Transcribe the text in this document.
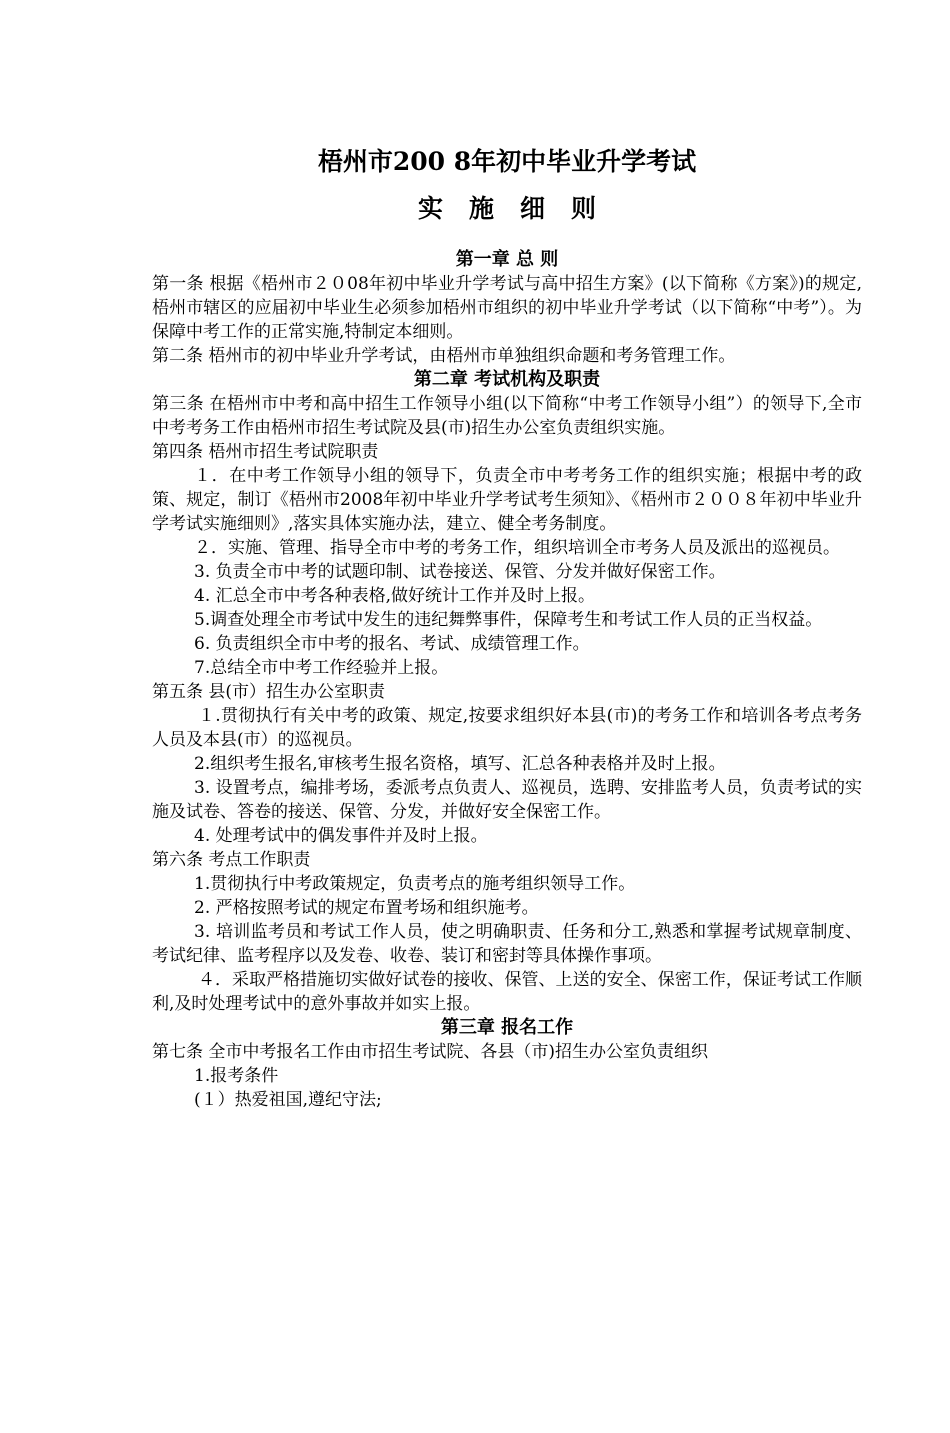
梧州市200 8年初中毕业升学考试
实施细则
第一章 总 则

第一条 根据《梧州市２０08年初中毕业升学考试与高中招生方案》(以下简称《方案》)的规定,梧州市辖区的应届初中毕业生必须参加梧州市组织的初中毕业升学考试（以下简称“中考”）。为保障中考工作的正常实施,特制定本细则。

第二条 梧州市的初中毕业升学考试，由梧州市单独组织命题和考务管理工作。

第二章 考试机构及职责

第三条 在梧州市中考和高中招生工作领导小组(以下简称“中考工作领导小组”）的领导下,全市中考考务工作由梧州市招生考试院及县(市)招生办公室负责组织实施。

第四条 梧州市招生考试院职责

１．在中考工作领导小组的领导下，负责全市中考考务工作的组织实施；根据中考的政策、规定，制订《梧州市2008年初中毕业升学考试考生须知》、《梧州市２００８年初中毕业升学考试实施细则》,落实具体实施办法，建立、健全考务制度。

２．实施、管理、指导全市中考的考务工作，组织培训全市考务人员及派出的巡视员。

3. 负责全市中考的试题印制、试卷接送、保管、分发并做好保密工作。

4. 汇总全市中考各种表格,做好统计工作并及时上报。

5.调查处理全市考试中发生的违纪舞弊事件，保障考生和考试工作人员的正当权益。

6. 负责组织全市中考的报名、考试、成绩管理工作。

7.总结全市中考工作经验并上报。

第五条 县(市）招生办公室职责

１.贯彻执行有关中考的政策、规定,按要求组织好本县(市)的考务工作和培训各考点考务人员及本县(市）的巡视员。

2.组织考生报名,审核考生报名资格，填写、汇总各种表格并及时上报。

3. 设置考点，编排考场，委派考点负责人、巡视员，选聘、安排监考人员，负责考试的实施及试卷、答卷的接送、保管、分发，并做好安全保密工作。

4. 处理考试中的偶发事件并及时上报。

第六条 考点工作职责

1.贯彻执行中考政策规定，负责考点的施考组织领导工作。

2. 严格按照考试的规定布置考场和组织施考。

3. 培训监考员和考试工作人员，使之明确职责、任务和分工,熟悉和掌握考试规章制度、考试纪律、监考程序以及发卷、收卷、装订和密封等具体操作事项。

４．采取严格措施切实做好试卷的接收、保管、上送的安全、保密工作，保证考试工作顺利,及时处理考试中的意外事故并如实上报。

第三章 报名工作

第七条 全市中考报名工作由市招生考试院、各县（市)招生办公室负责组织

1.报考条件

(１）热爱祖国,遵纪守法;
